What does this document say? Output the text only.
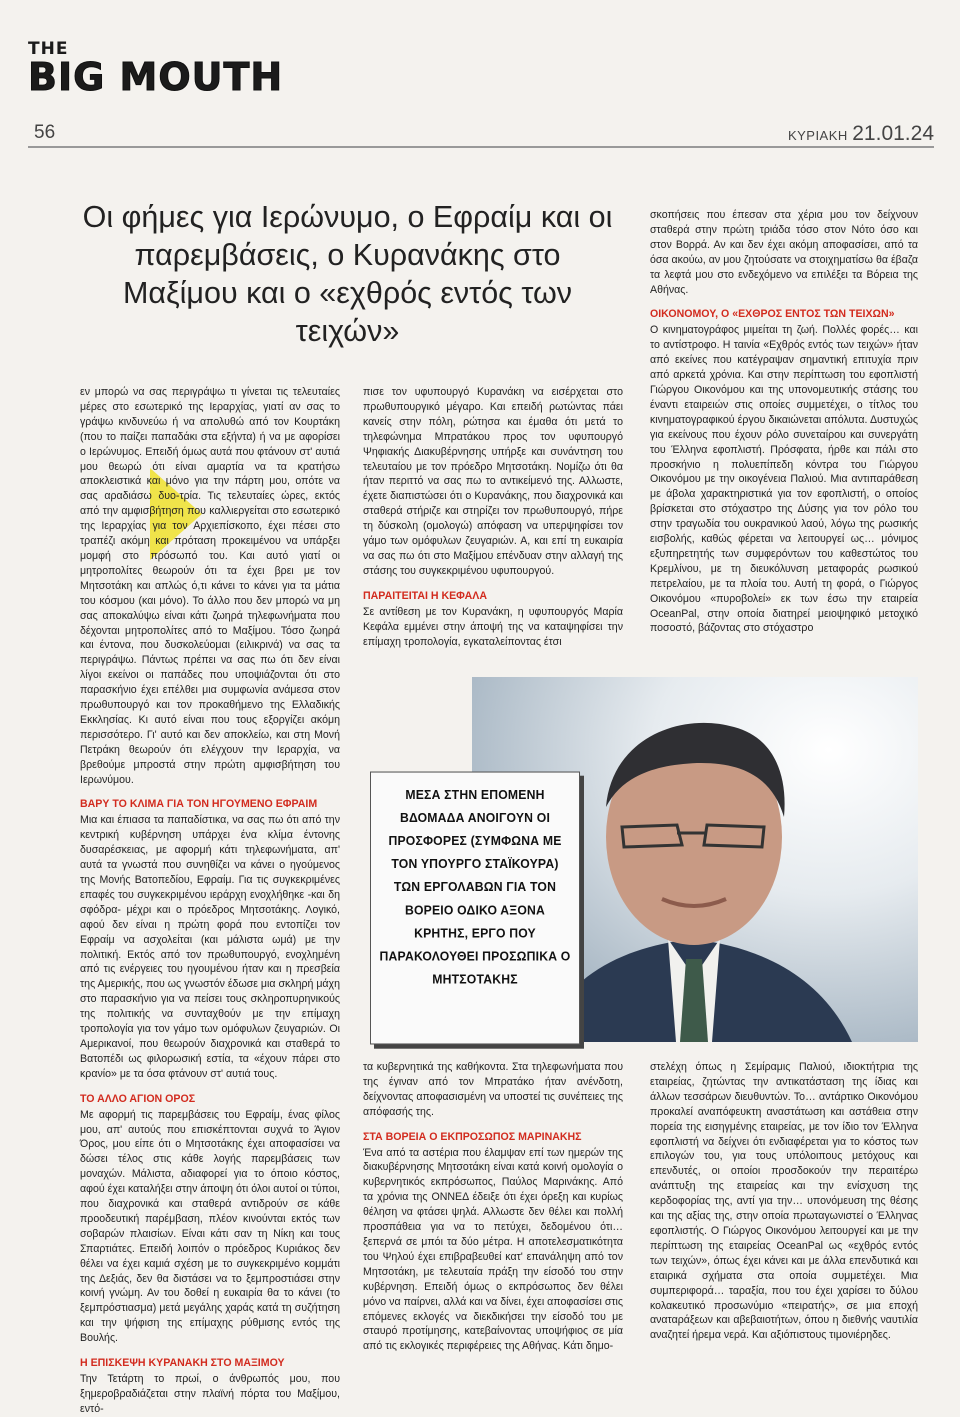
THE
BIG MOUTH
56	ΚΥΡΙΑΚΗ 21.01.24
Οι φήμες για Ιερώνυμο, ο Εφραίμ και οι παρεμβάσεις, ο Κυρανάκης στο Μαξίμου και ο «εχθρός εντός των τειχών»

εν μπορώ να σας περιγράψω τι γίνεται τις τελευταίες μέρες στο εσωτερικό της Ιεραρχίας, γιατί αν σας το γράψω κινδυνεύω ή να απολυθώ από τον Κουρτάκη (που το παίζει παπαδάκι στα εξήντα) ή να με αφορίσει ο Ιερώνυμος. Επειδή όμως αυτά που φτάνουν στ' αυτιά μου θεωρώ ότι είναι αμαρτία να τα κρατήσω αποκλειστικά και μόνο για την πάρτη μου, οπότε να σας αραδιάσω δυο-τρία. Τις τελευταίες ώρες, εκτός από την αμφισβήτηση που καλλιεργείται στο εσωτερικό της Ιεραρχίας για τον Αρχιεπίσκοπο, έχει πέσει στο τραπέζι ακόμη και πρόταση προκειμένου να υπάρξει μομφή στο πρόσωπό του. Και αυτό γιατί οι μητροπολίτες θεωρούν ότι τα έχει βρει με τον Μητσοτάκη και απλώς ό,τι κάνει το κάνει για τα μάτια του κόσμου (και μόνο). Το άλλο που δεν μπορώ να μη σας αποκαλύψω είναι κάτι ζωηρά τηλεφωνήματα που δέχονται μητροπολίτες από το Μαξίμου. Τόσο ζωηρά και έντονα, που δυσκολεύομαι (ειλικρινά) να σας τα περιγράψω. Πάντως πρέπει να σας πω ότι δεν είναι λίγοι εκείνοι οι παπάδες που υποψιάζονται ότι στο παρασκήνιο έχει επέλθει μια συμφωνία ανάμεσα στον πρωθυπουργό και τον προκαθήμενο της Ελλαδικής Εκκλησίας. Κι αυτό είναι που τους εξοργίζει ακόμη περισσότερο. Γι' αυτό και δεν αποκλείω, και στη Μονή Πετράκη θεωρούν ότι ελέγχουν την Ιεραρχία, να βρεθούμε μπροστά στην πρώτη αμφισβήτηση του Ιερωνύμου.

ΒΑΡΥ ΤΟ ΚΛΙΜΑ ΓΙΑ ΤΟΝ ΗΓΟΥΜΕΝΟ ΕΦΡΑΙΜ

Μια και έπιασα τα παπαδίστικα, να σας πω ότι από την κεντρική κυβέρνηση υπάρχει ένα κλίμα έντονης δυσαρέσκειας, με αφορμή κάτι τηλεφωνήματα, απ' αυτά τα γνωστά που συνηθίζει να κάνει ο ηγούμενος της Μονής Βατοπεδίου, Εφραίμ. Για τις συγκεκριμένες επαφές του συγκεκριμένου ιεράρχη ενοχλήθηκε -και δη σφόδρα- μέχρι και ο πρόεδρος Μητσοτάκης. Λογικό, αφού δεν είναι η πρώτη φορά που εντοπίζει τον Εφραίμ να ασχολείται (και μάλιστα ωμά) με την πολιτική. Εκτός από τον πρωθυπουργό, ενοχλημένη από τις ενέργειες του ηγουμένου ήταν και η πρεσβεία της Αμερικής, που ως γνωστόν έδωσε μια σκληρή μάχη στο παρασκήνιο για να πείσει τους σκληροπυρηνικούς της πολιτικής να συνταχθούν με την επίμαχη τροπολογία για τον γάμο των ομόφυλων ζευγαριών. Οι Αμερικανοί, που θεωρούν διαχρονικά και σταθερά το Βατοπέδι ως φιλορωσική εστία, τα «έχουν πάρει στο κρανίο» με τα όσα φτάνουν στ' αυτιά τους.

ΤΟ ΑΛΛΟ ΑΓΙΟΝ ΟΡΟΣ

Με αφορμή τις παρεμβάσεις του Εφραίμ, ένας φίλος μου, απ' αυτούς που επισκέπτονται συχνά το Άγιον Όρος, μου είπε ότι ο Μητσοτάκης έχει αποφασίσει να δώσει τέλος στις κάθε λογής παρεμβάσεις των μοναχών. Μάλιστα, αδιαφορεί για το όποιο κόστος, αφού έχει καταλήξει στην άποψη ότι όλοι αυτοί οι τύποι, που διαχρονικά και σταθερά αντιδρούν σε κάθε προοδευτική παρέμβαση, πλέον κινούνται εκτός των σοβαρών πλαισίων. Είναι κάτι σαν τη Νίκη και τους Σπαρτιάτες. Επειδή λοιπόν ο πρόεδρος Κυριάκος δεν θέλει να έχει καμιά σχέση με το συγκεκριμένο κομμάτι της Δεξιάς, δεν θα διστάσει να το ξεμπροστιάσει στην κοινή γνώμη. Αν του δοθεί η ευκαιρία θα το κάνει (το ξεμπρόστιασμα) μετά μεγάλης χαράς κατά τη συζήτηση και την ψήφιση της επίμαχης ρύθμισης εντός της Βουλής.

Η ΕΠΙΣΚΕΨΗ ΚΥΡΑΝΑΚΗ ΣΤΟ ΜΑΞΙΜΟΥ

Την Τετάρτη το πρωί, ο άνθρωπός μου, που ξημεροβραδιάζεται στην πλαϊνή πόρτα του Μαξίμου, εντό-

πισε τον υφυπουργό Κυρανάκη να εισέρχεται στο πρωθυπουργικό μέγαρο. Και επειδή ρωτώντας πάει κανείς στην πόλη, ρώτησα και έμαθα ότι μετά το τηλεφώνημα Μπρατάκου προς τον υφυπουργό Ψηφιακής Διακυβέρνησης υπήρξε και συνάντηση του τελευταίου με τον πρόεδρο Μητσοτάκη. Νομίζω ότι θα ήταν περιττό να σας πω το αντικείμενό της. Αλλωστε, έχετε διαπιστώσει ότι ο Κυρανάκης, που διαχρονικά και σταθερά στήριζε και στηρίζει τον πρωθυπουργό, πήρε τη δύσκολη (ομολογώ) απόφαση να υπερψηφίσει τον γάμο των ομόφυλων ζευγαριών. Α, και επί τη ευκαιρία να σας πω ότι στο Μαξίμου επένδυαν στην αλλαγή της στάσης του συγκεκριμένου υφυπουργού.

ΠΑΡΑΙΤΕΙΤΑΙ Η ΚΕΦΑΛΑ

Σε αντίθεση με τον Κυρανάκη, η υφυπουργός Μαρία Κεφάλα εμμένει στην άποψή της να καταψηφίσει την επίμαχη τροπολογία, εγκαταλείποντας έτσι

σκοπήσεις που έπεσαν στα χέρια μου τον δείχνουν σταθερά στην πρώτη τριάδα τόσο στον Νότο όσο και στον Βορρά. Αν και δεν έχει ακόμη αποφασίσει, από τα όσα ακούω, αν μου ζητούσατε να στοιχηματίσω θα έβαζα τα λεφτά μου στο ενδεχόμενο να επιλέξει τα Βόρεια της Αθήνας.

ΟΙΚΟΝΟΜΟΥ, Ο «ΕΧΘΡΟΣ ΕΝΤΟΣ ΤΩΝ ΤΕΙΧΩΝ»

Ο κινηματογράφος μιμείται τη ζωή. Πολλές φορές… και το αντίστροφο. Η ταινία «Εχθρός εντός των τειχών» ήταν από εκείνες που κατέγραψαν σημαντική επιτυχία πριν από αρκετά χρόνια. Και στην περίπτωση του εφοπλιστή Γιώργου Οικονόμου και της υπονομευτικής στάσης του έναντι εταιρειών στις οποίες συμμετέχει, ο τίτλος του κινηματογραφικού έργου δικαιώνεται απόλυτα. Δυστυχώς για εκείνους που έχουν ρόλο συνεταίρου και συνεργάτη του Έλληνα εφοπλιστή. Πρόσφατα, ήρθε και πάλι στο προσκήνιο η πολυεπίπεδη κόντρα του Γιώργου Οικονόμου με την οικογένεια Παλιού. Μια αντιπαράθεση με άβολα χαρακτηριστικά για τον εφοπλιστή, ο οποίος βρίσκεται στο στόχαστρο της Δύσης για τον ρόλο του στην τραγωδία του ουκρανικού λαού, λόγω της ρωσικής εισβολής, καθώς φέρεται να λειτουργεί ως… μόνιμος εξυπηρετητής των συμφερόντων του καθεστώτος του Κρεμλίνου, με τη διευκόλυνση μεταφοράς ρωσικού πετρελαίου, με τα πλοία του. Αυτή τη φορά, ο Γιώργος Οικονόμου «πυροβολεί» εκ των έσω την εταιρεία OceanPal, στην οποία διατηρεί μειοψηφικό μετοχικό ποσοστό, βάζοντας στο στόχαστρο

ΜΕΣΑ ΣΤΗΝ ΕΠΟΜΕΝΗ ΒΔΟΜΑΔΑ ΑΝΟΙΓΟΥΝ ΟΙ ΠΡΟΣΦΟΡΕΣ (ΣΥΜΦΩΝΑ ΜΕ ΤΟΝ ΥΠΟΥΡΓΟ ΣΤΑΪΚΟΥΡΑ) ΤΩΝ ΕΡΓΟΛΑΒΩΝ ΓΙΑ ΤΟΝ ΒΟΡΕΙΟ ΟΔΙΚΟ ΑΞΟΝΑ ΚΡΗΤΗΣ, ΕΡΓΟ ΠΟΥ ΠΑΡΑΚΟΛΟΥΘΕΙ ΠΡΟΣΩΠΙΚΑ Ο ΜΗΤΣΟΤΑΚΗΣ

τα κυβερνητικά της καθήκοντα. Στα τηλεφωνήματα που της έγιναν από τον Μπρατάκο ήταν ανένδοτη, δείχνοντας αποφασισμένη να υποστεί τις συνέπειες της απόφασής της.

ΣΤΑ ΒΟΡΕΙΑ Ο ΕΚΠΡΟΣΩΠΟΣ ΜΑΡΙΝΑΚΗΣ

Ένα από τα αστέρια που έλαμψαν επί των ημερών της διακυβέρνησης Μητσοτάκη είναι κατά κοινή ομολογία ο κυβερνητικός εκπρόσωπος, Παύλος Μαρινάκης. Από τα χρόνια της ΟΝΝΕΔ έδειξε ότι έχει όρεξη και κυρίως θέληση να φτάσει ψηλά. Αλλωστε δεν θέλει και πολλή προσπάθεια για να το πετύχει, δεδομένου ότι… ξεπερνά σε μπόι τα δύο μέτρα. Η αποτελεσματικότητα του Ψηλού έχει επιβραβευθεί κατ' επανάληψη από τον Μητσοτάκη, με τελευταία πράξη την είσοδό του στην κυβέρνηση. Επειδή όμως ο εκπρόσωπος δεν θέλει μόνο να παίρνει, αλλά και να δίνει, έχει αποφασίσει στις επόμενες εκλογές να διεκδικήσει την είσοδό του με σταυρό προτίμησης, κατεβαίνοντας υποψήφιος σε μία από τις εκλογικές περιφέρειες της Αθήνας. Κάτι δημο-

στελέχη όπως η Σεμίραμις Παλιού, ιδιοκτήτρια της εταιρείας, ζητώντας την αντικατάσταση της ίδιας και άλλων τεσσάρων διευθυντών. Το… αντάρτικο Οικονόμου προκαλεί αναπόφευκτη αναστάτωση και αστάθεια στην πορεία της εισηγμένης εταιρείας, με τον ίδιο τον Έλληνα εφοπλιστή να δείχνει ότι ενδιαφέρεται για το κόστος των επιλογών του, για τους υπόλοιπους μετόχους και επενδυτές, οι οποίοι προσδοκούν την περαιτέρω ανάπτυξη της εταιρείας και την ενίσχυση της κερδοφορίας της, αντί για την… υπονόμευση της θέσης και της αξίας της, στην οποία πρωταγωνιστεί ο Έλληνας εφοπλιστής. Ο Γιώργος Οικονόμου λειτουργεί και με την περίπτωση της εταιρείας OceanPal ως «εχθρός εντός των τειχών», όπως έχει κάνει και με άλλα επενδυτικά και εταιρικά σχήματα στα οποία συμμετέχει. Μια συμπεριφορά… ταραξία, που του έχει χαρίσει το δύλου κολακευτικό προσωνύμιο «πειρατής», σε μια εποχή αναταράξεων και αβεβαιοτήτων, όπου η διεθνής ναυτιλία αναζητεί ήρεμα νερά. Και αξιόπιστους τιμονιέρηδες.
